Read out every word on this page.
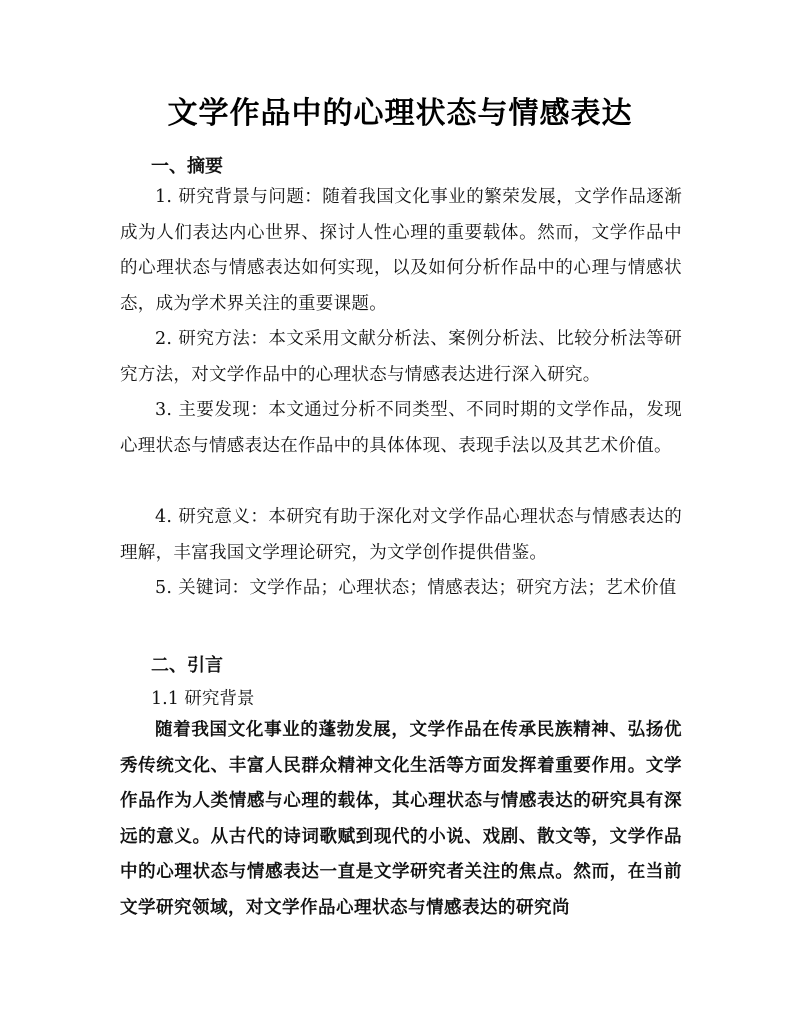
文学作品中的心理状态与情感表达
一、摘要
1. 研究背景与问题：随着我国文化事业的繁荣发展，文学作品逐渐成为人们表达内心世界、探讨人性心理的重要载体。然而，文学作品中的心理状态与情感表达如何实现，以及如何分析作品中的心理与情感状态，成为学术界关注的重要课题。
2. 研究方法：本文采用文献分析法、案例分析法、比较分析法等研究方法，对文学作品中的心理状态与情感表达进行深入研究。
3. 主要发现：本文通过分析不同类型、不同时期的文学作品，发现心理状态与情感表达在作品中的具体体现、表现手法以及其艺术价值。
4. 研究意义：本研究有助于深化对文学作品心理状态与情感表达的理解，丰富我国文学理论研究，为文学创作提供借鉴。
5. 关键词：文学作品；心理状态；情感表达；研究方法；艺术价值
二、引言
1.1 研究背景
随着我国文化事业的蓬勃发展，文学作品在传承民族精神、弘扬优秀传统文化、丰富人民群众精神文化生活等方面发挥着重要作用。文学作品作为人类情感与心理的载体，其心理状态与情感表达的研究具有深远的意义。从古代的诗词歌赋到现代的小说、戏剧、散文等，文学作品中的心理状态与情感表达一直是文学研究者关注的焦点。然而，在当前文学研究领域，对文学作品心理状态与情感表达的研究尚
